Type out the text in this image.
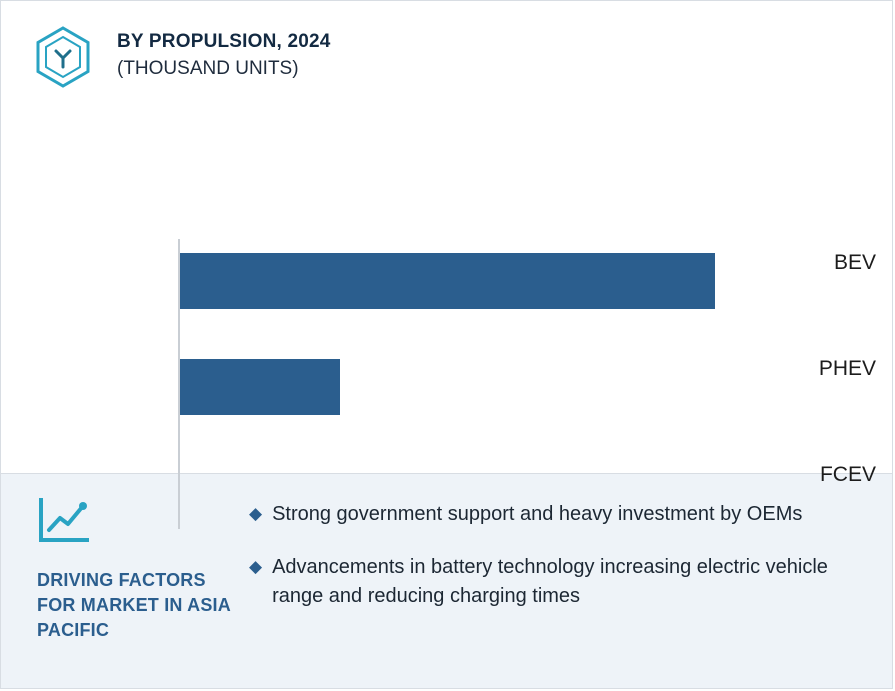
BY PROPULSION, 2024
(THOUSAND UNITS)
BEV
PHEV
FCEV
DRIVING FACTORS FOR MARKET IN ASIA PACIFIC
◆ Strong government support and heavy investment by OEMs
◆ Advancements in battery technology increasing electric vehicle range and reducing charging times
